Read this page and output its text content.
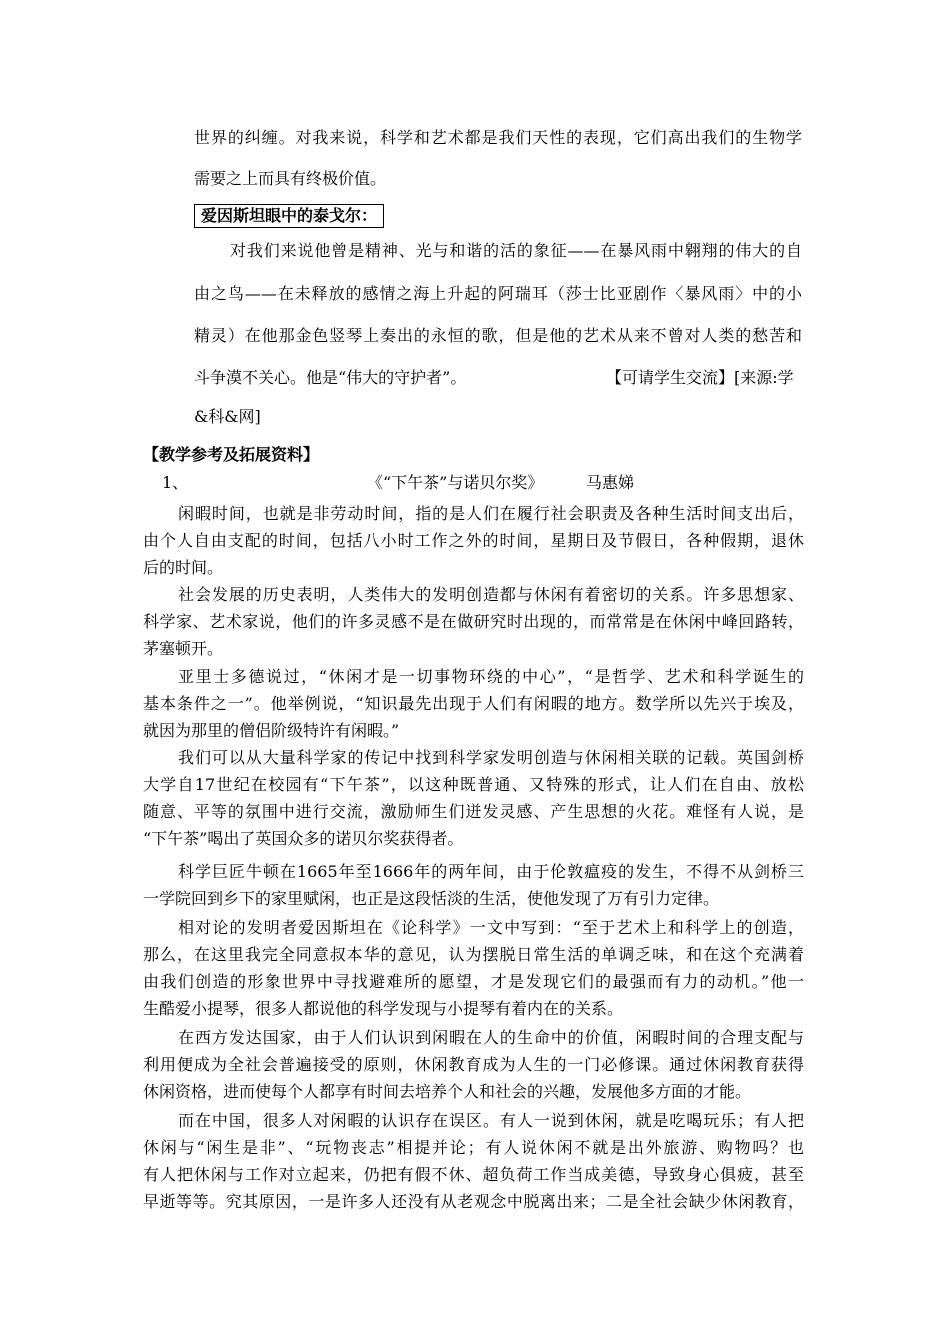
世界的纠缠。对我来说，科学和艺术都是我们天性的表现，它们高出我们的生物学
需要之上而具有终极价值。
爱因斯坦眼中的泰戈尔：
对我们来说他曾是精神、光与和谐的活的象征——在暴风雨中翱翔的伟大的自
由之鸟——在未释放的感情之海上升起的阿瑞耳（莎士比亚剧作〈暴风雨〉中的小
精灵）在他那金色竖琴上奏出的永恒的歌，但是他的艺术从来不曾对人类的愁苦和
斗争漠不关心。他是“伟大的守护者”。	【可请学生交流】[来源:学
&科&网]
【教学参考及拓展资料】
1、	《“下午茶”与诺贝尔奖》	马惠娣
闲暇时间，也就是非劳动时间，指的是人们在履行社会职责及各种生活时间支出后，
由个人自由支配的时间，包括八小时工作之外的时间，星期日及节假日，各种假期，退休
后的时间。
社会发展的历史表明，人类伟大的发明创造都与休闲有着密切的关系。许多思想家、
科学家、艺术家说，他们的许多灵感不是在做研究时出现的，而常常是在休闲中峰回路转，
茅塞顿开。
亚里士多德说过，“休闲才是一切事物环绕的中心”，“是哲学、艺术和科学诞生的
基本条件之一”。他举例说，“知识最先出现于人们有闲暇的地方。数学所以先兴于埃及，
就因为那里的僧侣阶级特许有闲暇。”
我们可以从大量科学家的传记中找到科学家发明创造与休闲相关联的记载。英国剑桥
大学自17世纪在校园有“下午茶”，以这种既普通、又特殊的形式，让人们在自由、放松
随意、平等的氛围中进行交流，激励师生们迸发灵感、产生思想的火花。难怪有人说，是
“下午茶”喝出了英国众多的诺贝尔奖获得者。
科学巨匠牛顿在1665年至1666年的两年间，由于伦敦瘟疫的发生，不得不从剑桥三
一学院回到乡下的家里赋闲，也正是这段恬淡的生活，使他发现了万有引力定律。
相对论的发明者爱因斯坦在《论科学》一文中写到：“至于艺术上和科学上的创造，
那么，在这里我完全同意叔本华的意见，认为摆脱日常生活的单调乏味，和在这个充满着
由我们创造的形象世界中寻找避难所的愿望，才是发现它们的最强而有力的动机。”他一
生酷爱小提琴，很多人都说他的科学发现与小提琴有着内在的关系。
在西方发达国家，由于人们认识到闲暇在人的生命中的价值，闲暇时间的合理支配与
利用便成为全社会普遍接受的原则，休闲教育成为人生的一门必修课。通过休闲教育获得
休闲资格，进而使每个人都享有时间去培养个人和社会的兴趣，发展他多方面的才能。
而在中国，很多人对闲暇的认识存在误区。有人一说到休闲，就是吃喝玩乐；有人把
休闲与“闲生是非”、“玩物丧志”相提并论；有人说休闲不就是出外旅游、购物吗？也
有人把休闲与工作对立起来，仍把有假不休、超负荷工作当成美德，导致身心俱疲，甚至
早逝等等。究其原因，一是许多人还没有从老观念中脱离出来；二是全社会缺少休闲教育，
